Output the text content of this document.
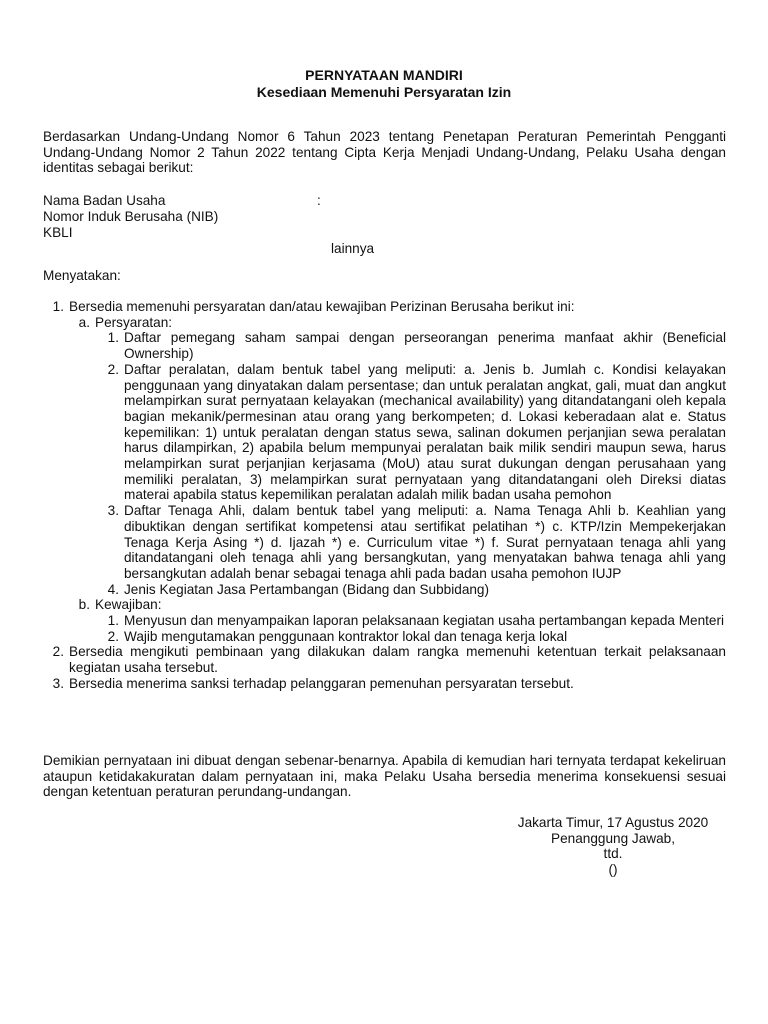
PERNYATAAN MANDIRI
Kesediaan Memenuhi Persyaratan Izin
Berdasarkan Undang-Undang Nomor 6 Tahun 2023 tentang Penetapan Peraturan Pemerintah Pengganti Undang-Undang Nomor 2 Tahun 2022 tentang Cipta Kerja Menjadi Undang-Undang, Pelaku Usaha dengan identitas sebagai berikut:
Nama Badan Usaha	:
Nomor Induk Berusaha (NIB)
KBLI
lainnya
Menyatakan:
1. Bersedia memenuhi persyaratan dan/atau kewajiban Perizinan Berusaha berikut ini:
a. Persyaratan:
1. Daftar pemegang saham sampai dengan perseorangan penerima manfaat akhir (Beneficial Ownership)
2. Daftar peralatan, dalam bentuk tabel yang meliputi: a. Jenis b. Jumlah c. Kondisi kelayakan penggunaan yang dinyatakan dalam persentase; dan untuk peralatan angkat, gali, muat dan angkut melampirkan surat pernyataan kelayakan (mechanical availability) yang ditandatangani oleh kepala bagian mekanik/permesinan atau orang yang berkompeten; d. Lokasi keberadaan alat e. Status kepemilikan: 1) untuk peralatan dengan status sewa, salinan dokumen perjanjian sewa peralatan harus dilampirkan, 2) apabila belum mempunyai peralatan baik milik sendiri maupun sewa, harus melampirkan surat perjanjian kerjasama (MoU) atau surat dukungan dengan perusahaan yang memiliki peralatan, 3) melampirkan surat pernyataan yang ditandatangani oleh Direksi diatas materai apabila status kepemilikan peralatan adalah milik badan usaha pemohon
3. Daftar Tenaga Ahli, dalam bentuk tabel yang meliputi: a. Nama Tenaga Ahli b. Keahlian yang dibuktikan dengan sertifikat kompetensi atau sertifikat pelatihan *) c. KTP/Izin Mempekerjakan Tenaga Kerja Asing *) d. Ijazah *) e. Curriculum vitae *) f. Surat pernyataan tenaga ahli yang ditandatangani oleh tenaga ahli yang bersangkutan, yang menyatakan bahwa tenaga ahli yang bersangkutan adalah benar sebagai tenaga ahli pada badan usaha pemohon IUJP
4. Jenis Kegiatan Jasa Pertambangan (Bidang dan Subbidang)
b. Kewajiban:
1. Menyusun dan menyampaikan laporan pelaksanaan kegiatan usaha pertambangan kepada Menteri
2. Wajib mengutamakan penggunaan kontraktor lokal dan tenaga kerja lokal
2. Bersedia mengikuti pembinaan yang dilakukan dalam rangka memenuhi ketentuan terkait pelaksanaan kegiatan usaha tersebut.
3. Bersedia menerima sanksi terhadap pelanggaran pemenuhan persyaratan tersebut.
Demikian pernyataan ini dibuat dengan sebenar-benarnya. Apabila di kemudian hari ternyata terdapat kekeliruan ataupun ketidakakuratan dalam pernyataan ini, maka Pelaku Usaha bersedia menerima konsekuensi sesuai dengan ketentuan peraturan perundang-undangan.
Jakarta Timur, 17 Agustus 2020
Penanggung Jawab,
ttd.
()
